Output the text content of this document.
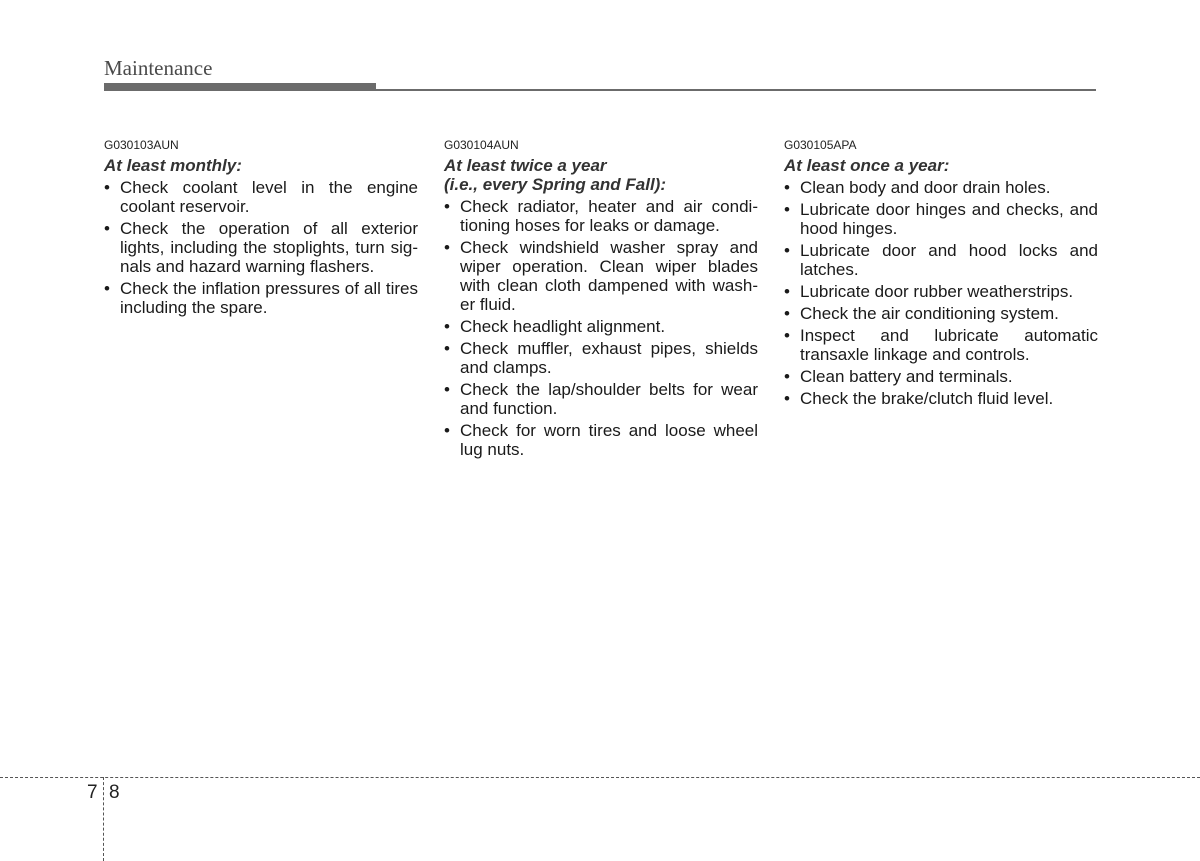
Maintenance
G030103AUN
At least monthly:
• Check coolant level in the engine coolant reservoir.
• Check the operation of all exterior lights, including the stoplights, turn sig-nals and hazard warning flashers.
• Check the inflation pressures of all tires including the spare.
G030104AUN
At least twice a year
(i.e., every Spring and Fall):
• Check radiator, heater and air condi-tioning hoses for leaks or damage.
• Check windshield washer spray and wiper operation. Clean wiper blades with clean cloth dampened with wash-er fluid.
• Check headlight alignment.
• Check muffler, exhaust pipes, shields and clamps.
• Check the lap/shoulder belts for wear and function.
• Check for worn tires and loose wheel lug nuts.
G030105APA
At least once a year:
• Clean body and door drain holes.
• Lubricate door hinges and checks, and hood hinges.
• Lubricate door and hood locks and latches.
• Lubricate door rubber weatherstrips.
• Check the air conditioning system.
• Inspect and lubricate automatic transaxle linkage and controls.
• Clean battery and terminals.
• Check the brake/clutch fluid level.
7 8
